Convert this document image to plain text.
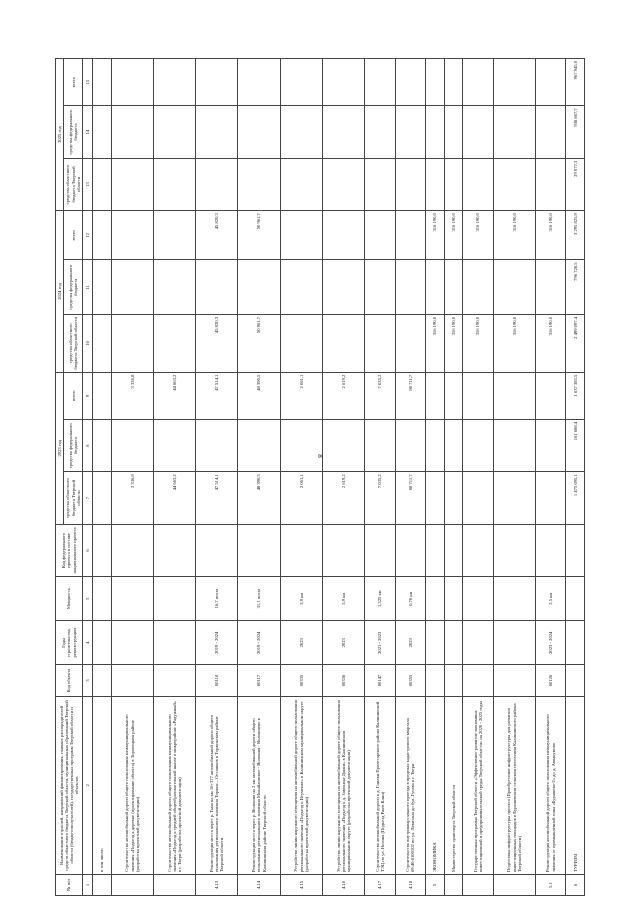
8
№ п/п	Наименование отраслей, направлений финансирования, главных распорядителей средств областного бюджета Тверской области, муниципальных образований Тверской области (бюджетополучателей), государственных программ Тверской области и объектов	Код объекта	Годы строительства, реконструкции	Мощность	Код федерального проекта в составе национального проекта	2023 год			2024 год			2025 год		
						средства областного бюджета Тверской области	средства федерального бюджета	всего	средства областного бюджета Тверской области	средства федерального бюджета	всего	средства областного бюджета Тверской области	средства федерального бюджета	всего
1	2	3	4	5	6	7	8	9	10	11	12	13	14	15
	в том числе:													
	Строительство автомобильной дороги общего пользования межмуниципального значения «Подъезд к деревне (проектирование объекта) в Торопецком районе (разработка проектной документации)					3 336,8		3 336,8						
	Строительство автомобильной дороги общего пользования межмуниципального значения «Подъезд к средней общеобразовательной школе в микрорайоне «Радужный» в г. Твери (разработка проектной документации)					44 663,2		44 663,2						
4.13	Реконструкция моста через р. Тьма на км 16+377 автомобильной дороги общего пользования регионального значения Торжок – Осташков в Торжокском районе Тверской области	00118	2019 - 2024	16,7 пог.м		47 514,1		47 514,1	45 820,3		45 820,3			
4.14	Реконструкция моста через р. Волошня на 2 км автомобильной дороги общего пользования регионального значения Михайловское - Волошня - Волошнево в Калининском районе Тверской области	00117	2019 - 2024	31,1 пог.м		48 390,5		48 390,5	50 961,7		50 961,7			
4.15	Устройство линии наружного освещения на автомобильной дороге общего пользования регионального значения «Подъезд к Игуменке» в Калининском муниципальном округе (разработка проектной документации)	00335	2023	3,9 км		2 061,1		2 061,1						
4.16	Устройство линии наружного освещения на автомобильной дороге общего пользования регионального значения «Подъезд к д. Заволжье Данки» в Калининском муниципальном округе (разработка проектной документации)	00336	2023	5,9 км		2 619,2		2 619,2						
4.17	Строительство автомобильной дороги к д. Гнилки Пролетарского района Калининской ТЭЦ по ул. Ногина (Подъезд Ржев Клин)	00147	2021 - 2023	1,325 км		7 035,2		7 035,2						
4.18	Строительство внутриквартального проезда в пределах кадастрового квартала 69:40:0100102 по ул. Левитана до бул. Гусева в г. Твери	00355	2023	0,70 км		88 711,7		88 711,7						
5	ЭКОНОМИКА								316 190,0		316 190,0			
	Министерство транспорта Тверской области								316 190,0		316 190,0			
	Государственная программа Тверской области «Эффективное развитие экономики, инвестиционной и предпринимательской среды Тверской области» на 2020 - 2025 годы								316 190,0		316 190,0			
	Подготовка инфраструктуры проекта (Приобретение инфраструктуры для развития инвестиционных площадок в Бурашевском сельском поселении Калининского района Тверской области)								316 190,0		316 190,0			
5.1	Реконструкция автомобильной дороги общего пользования межмуниципального значения от промышленной зоны «Бурашево-2» до д. Аввакумово	00126	2023 - 2024	2,5 км					316 190,0		316 190,0			
6	ТУРИЗМ					1 475 695,1	161 688,4	1 637 383,5	2 499 097,4	796 728,5	3 295 825,9	29 077,3	938 867,7	967 945,0
